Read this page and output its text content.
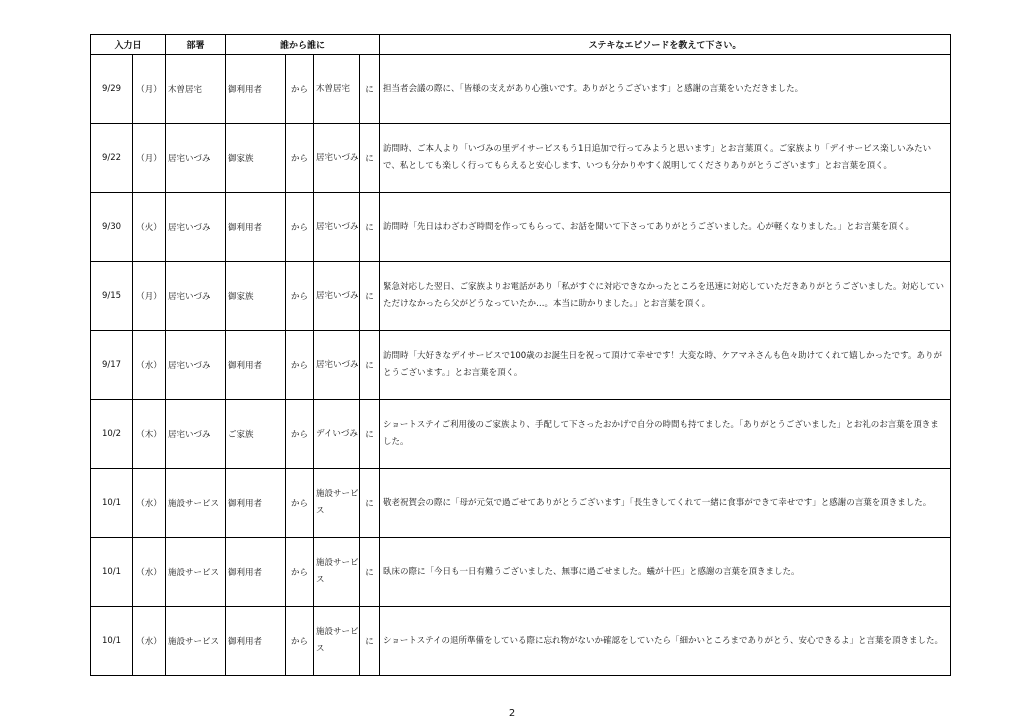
入力日		部署	誰から誰に				ステキなエピソードを教えて下さい。
9/29	（月）	木曽居宅	御利用者	から	木曽居宅	に	担当者会議の際に、「皆様の支えがあり心強いです。ありがとうございます」と感謝の言葉をいただきました。
9/22	（月）	居宅いづみ	御家族	から	居宅いづみ	に	訪問時、ご本人より「いづみの里デイサービスもう1日追加で行ってみようと思います」とお言葉頂く。ご家族より「デイサービス楽しいみたいで、私としても楽しく行ってもらえると安心します、いつも分かりやすく説明してくださりありがとうございます」とお言葉を頂く。
9/30	（火）	居宅いづみ	御利用者	から	居宅いづみ	に	訪問時「先日はわざわざ時間を作ってもらって、お話を聞いて下さってありがとうございました。心が軽くなりました。」とお言葉を頂く。
9/15	（月）	居宅いづみ	御家族	から	居宅いづみ	に	緊急対応した翌日、ご家族よりお電話があり「私がすぐに対応できなかったところを迅速に対応していただきありがとうございました。対応していただけなかったら父がどうなっていたか…。本当に助かりました。」とお言葉を頂く。
9/17	（水）	居宅いづみ	御利用者	から	居宅いづみ	に	訪問時「大好きなデイサービスで100歳のお誕生日を祝って頂けて幸せです！大変な時、ケアマネさんも色々助けてくれて嬉しかったです。ありがとうございます。」とお言葉を頂く。
10/2	（木）	居宅いづみ	ご家族	から	デイいづみ	に	ショートステイご利用後のご家族より、手配して下さったおかげで自分の時間も持てました。「ありがとうございました」とお礼のお言葉を頂きました。
10/1	（水）	施設サービス	御利用者	から	施設サービス	に	敬老祝賀会の際に「母が元気で過ごせてありがとうございます」「長生きしてくれて一緒に食事ができて幸せです」と感謝の言葉を頂きました。
10/1	（水）	施設サービス	御利用者	から	施設サービス	に	臥床の際に「今日も一日有難うございました、無事に過ごせました。蟻が十匹」と感謝の言葉を頂きました。
10/1	（水）	施設サービス	御利用者	から	施設サービス	に	ショートステイの退所準備をしている際に忘れ物がないか確認をしていたら「細かいところまでありがとう、安心できるよ」と言葉を頂きました。
2
